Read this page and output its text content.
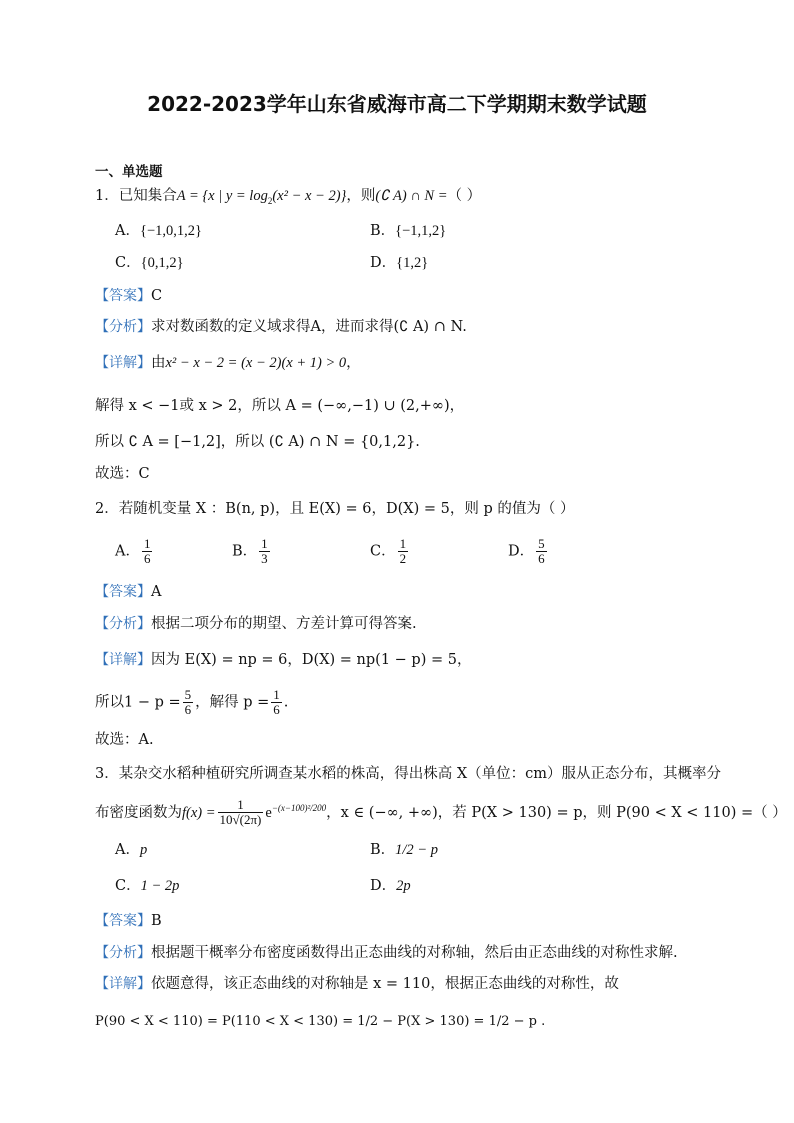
2022-2023学年山东省威海市高二下学期期末数学试题
一、单选题
1．已知集合A = {x | $y = \log_2(x^2 - x - 2)$}，则(∁ A) ∩ N =（ ）
A．{−1,0,1,2}	B．{−1,1,2}
C．{0,1,2}	D．{1,2}
【答案】C
【分析】求对数函数的定义域求得A，进而求得(∁ A) ∩ N.
【详解】由x² − x − 2 = (x − 2)(x + 1) > 0，
解得 x < −1或 x > 2，所以 A = (−∞,−1) ∪ (2,+∞)，
所以 ∁ A = [−1,2]，所以 (∁ A) ∩ N = {0,1,2}.
故选：C
2．若随机变量 X ：B(n, p)，且 E(X) = 6，D(X) = 5，则 p 的值为（ ）
A． $\frac{1}{6}$	B． $\frac{1}{3}$	C． $\frac{1}{2}$	D． $\frac{5}{6}$
【答案】A
【分析】根据二项分布的期望、方差计算可得答案.
【详解】因为 E(X) = np = 6，D(X) = np(1 − p) = 5，
所以$1 - p = \frac{5}{6}$ ，解得 $p = \frac{1}{6}$ .
故选：A.
3．某杂交水稻种植研究所调查某水稻的株高，得出株高 X（单位：cm）服从正态分布，其概率分
布密度函数为$f(x) = \frac{1}{10√(2\pi)} e^{-(x-100)^2/200}$，x ∈ (−∞, +∞)，若 P(X > 130) = p，则 P(90 < X < 110) =（ ）
A．p	B．1/2 − p
C．1 − 2p	D．2p
【答案】B
【分析】根据题干概率分布密度函数得出正态曲线的对称轴，然后由正态曲线的对称性求解.
【详解】依题意得，该正态曲线的对称轴是 x = 110，根据正态曲线的对称性，故
P(90 < X < 110) = P(110 < X < 130) = 1/2 − P(X > 130) = 1/2 − p .
